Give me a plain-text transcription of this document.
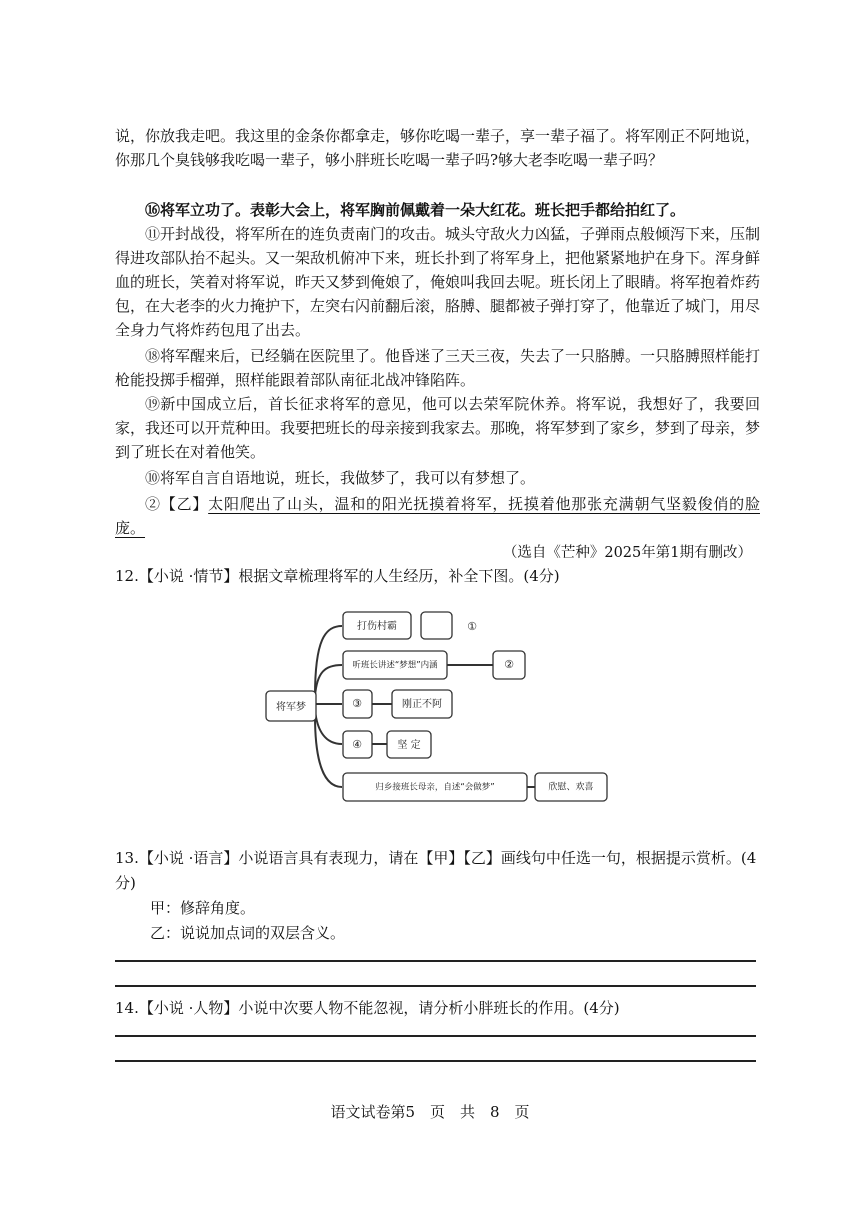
说，你放我走吧。我这里的金条你都拿走，够你吃喝一辈子，享一辈子福了。将军刚正不阿地说，你那几个臭钱够我吃喝一辈子，够小胖班长吃喝一辈子吗?够大老李吃喝一辈子吗？

⑯将军立功了。表彰大会上，将军胸前佩戴着一朵大红花。班长把手都给拍红了。

⑪开封战役，将军所在的连负责南门的攻击。城头守敌火力凶猛，子弹雨点般倾泻下来，压制得进攻部队抬不起头。又一架敌机俯冲下来，班长扑到了将军身上，把他紧紧地护在身下。浑身鲜血的班长，笑着对将军说，昨天又梦到俺娘了，俺娘叫我回去呢。班长闭上了眼睛。将军抱着炸药包，在大老李的火力掩护下，左突右闪前翻后滚，胳膊、腿都被子弹打穿了，他靠近了城门，用尽全身力气将炸药包甩了出去。

⑱将军醒来后，已经躺在医院里了。他昏迷了三天三夜，失去了一只胳膊。一只胳膊照样能打枪能投掷手榴弹，照样能跟着部队南征北战冲锋陷阵。

⑲新中国成立后，首长征求将军的意见，他可以去荣军院休养。将军说，我想好了，我要回家，我还可以开荒种田。我要把班长的母亲接到我家去。那晚，将军梦到了家乡，梦到了母亲，梦到了班长在对着他笑。

⑩将军自言自语地说，班长，我做梦了，我可以有梦想了。

②【乙】太阳爬出了山头，温和的阳光抚摸着将军，抚摸着他那张充满朝气坚毅俊俏的脸庞。

（选自《芒种》2025年第1期有删改）

12.【小说 ·情节】根据文章梳理将军的人生经历，补全下图。(4分)

将军梦
打伤村霸	①
听班长讲述“梦想”内涵	②
③	刚正不阿
④	坚 定
归乡接班长母亲，自述“会做梦”	欣慰、欢喜

13.【小说 ·语言】小说语言具有表现力，请在【甲】【乙】画线句中任选一句，根据提示赏析。(4分)

甲：修辞角度。
乙：说说加点词的双层含义。

14.【小说 ·人物】小说中次要人物不能忽视，请分析小胖班长的作用。(4分)

语文试卷第5　页　共　8　页
